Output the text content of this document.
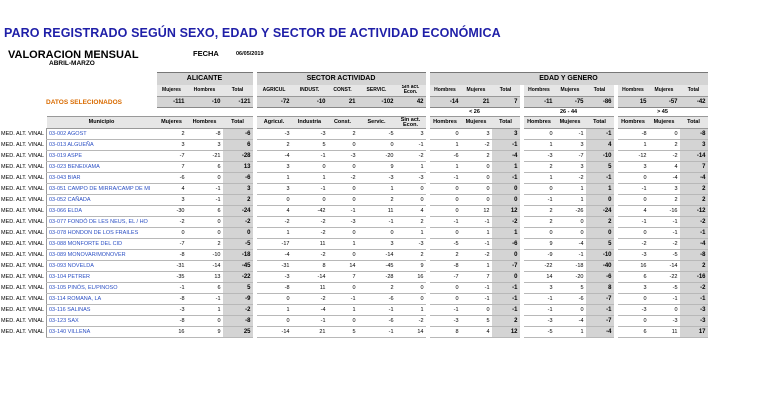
PARO REGISTRADO SEGÚN SEXO, EDAD Y SECTOR DE ACTIVIDAD ECONÓMICA
VALORACION MENSUAL	FECHA	06/05/2019
ABRIL-MARZO
		ALICANTE				SECTOR ACTIVIDAD						EDAD Y GENERO										
		Mujeres	Hombres	Total		AGRICUL	INDUST.	CONST.	SERVIC.	Sin act. Econ.		Hombres	Mujeres	Total		Hombres	Mujeres	Total		Hombres	Mujeres	Total
DATOS SELECIONADOS		-111	-10	-121		-72	-10	21	-102	42		-14	21	7		-11	-75	-86		15	-57	-42
												< 26				26 - 44				> 45		
	Municipio	Mujeres	Hombres	Total		Agricul.	Industria	Const.	Servic.	Sin act. Econ.		Hombres	Mujeres	Total		Hombres	Mujeres	Total		Hombres	Mujeres	Total
MED. ALT. VINAL	03-002 AGOST	2	-8	-6		-3	-3	2	-5	3		0	3	3		0	-1	-1		-8	0	-8
MED. ALT. VINAL	03-013 ALGUEÑA	3	3	6		2	5	0	0	-1		1	-2	-1		1	3	4		1	2	3
MED. ALT. VINAL	03-019 ASPE	-7	-21	-28		-4	-1	-3	-20	-2		-6	2	-4		-3	-7	-10		-12	-2	-14
MED. ALT. VINAL	03-023 BENEIXAMA	7	6	13		3	0	0	9	1		1	0	1		2	3	5		3	4	7
MED. ALT. VINAL	03-043 BIAR	-6	0	-6		1	1	-2	-3	-3		-1	0	-1		1	-2	-1		0	-4	-4
MED. ALT. VINAL	03-051 CAMPO DE MIRRA/CAMP DE MI	4	-1	3		3	-1	0	1	0		0	0	0		0	1	1		-1	3	2
MED. ALT. VINAL	03-052 CAÑADA	3	-1	2		0	0	0	2	0		0	0	0		-1	1	0		0	2	2
MED. ALT. VINAL	03-066 ELDA	-30	6	-24		4	-42	-1	11	4		0	12	12		2	-26	-24		4	-16	-12
MED. ALT. VINAL	03-077 FONDÓ DE LES NEUS, EL / HO	-2	0	-2		-2	-2	-3	-1	2		-1	-1	-2		2	0	2		-1	-1	-2
MED. ALT. VINAL	03-078 HONDON DE LOS FRAILES	0	0	0		1	-2	0	0	1		0	1	1		0	0	0		0	-1	-1
MED. ALT. VINAL	03-088 MONFORTE DEL CID	-7	2	-5		-17	11	1	3	-3		-5	-1	-6		9	-4	5		-2	-2	-4
MED. ALT. VINAL	03-089 MONOVAR/MONOVER	-8	-10	-18		-4	-2	0	-14	2		2	-2	0		-9	-1	-10		-3	-5	-8
MED. ALT. VINAL	03-093 NOVELDA	-31	-14	-45		-31	8	14	-45	9		-8	1	-7		-22	-18	-40		16	-14	2
MED. ALT. VINAL	03-104 PETRER	-35	13	-22		-3	-14	7	-28	16		-7	7	0		14	-20	-6		6	-22	-16
MED. ALT. VINAL	03-105 PINÓS, EL/PINOSO	-1	6	5		-8	11	0	2	0		0	-1	-1		3	5	8		3	-5	-2
MED. ALT. VINAL	03-114 ROMANA, LA	-8	-1	-9		0	-2	-1	-6	0		0	-1	-1		-1	-6	-7		0	-1	-1
MED. ALT. VINAL	03-116 SALINAS	-3	1	-2		1	-4	1	-1	1		-1	0	-1		-1	0	-1		-3	0	-3
MED. ALT. VINAL	03-123 SAX	-8	0	-8		0	-1	0	-6	-2		-3	5	2		-3	-4	-7		0	-3	-3
MED. ALT. VINAL	03-140 VILLENA	16	9	25		-14	21	5	-1	14		8	4	12		-5	1	-4		6	11	17
